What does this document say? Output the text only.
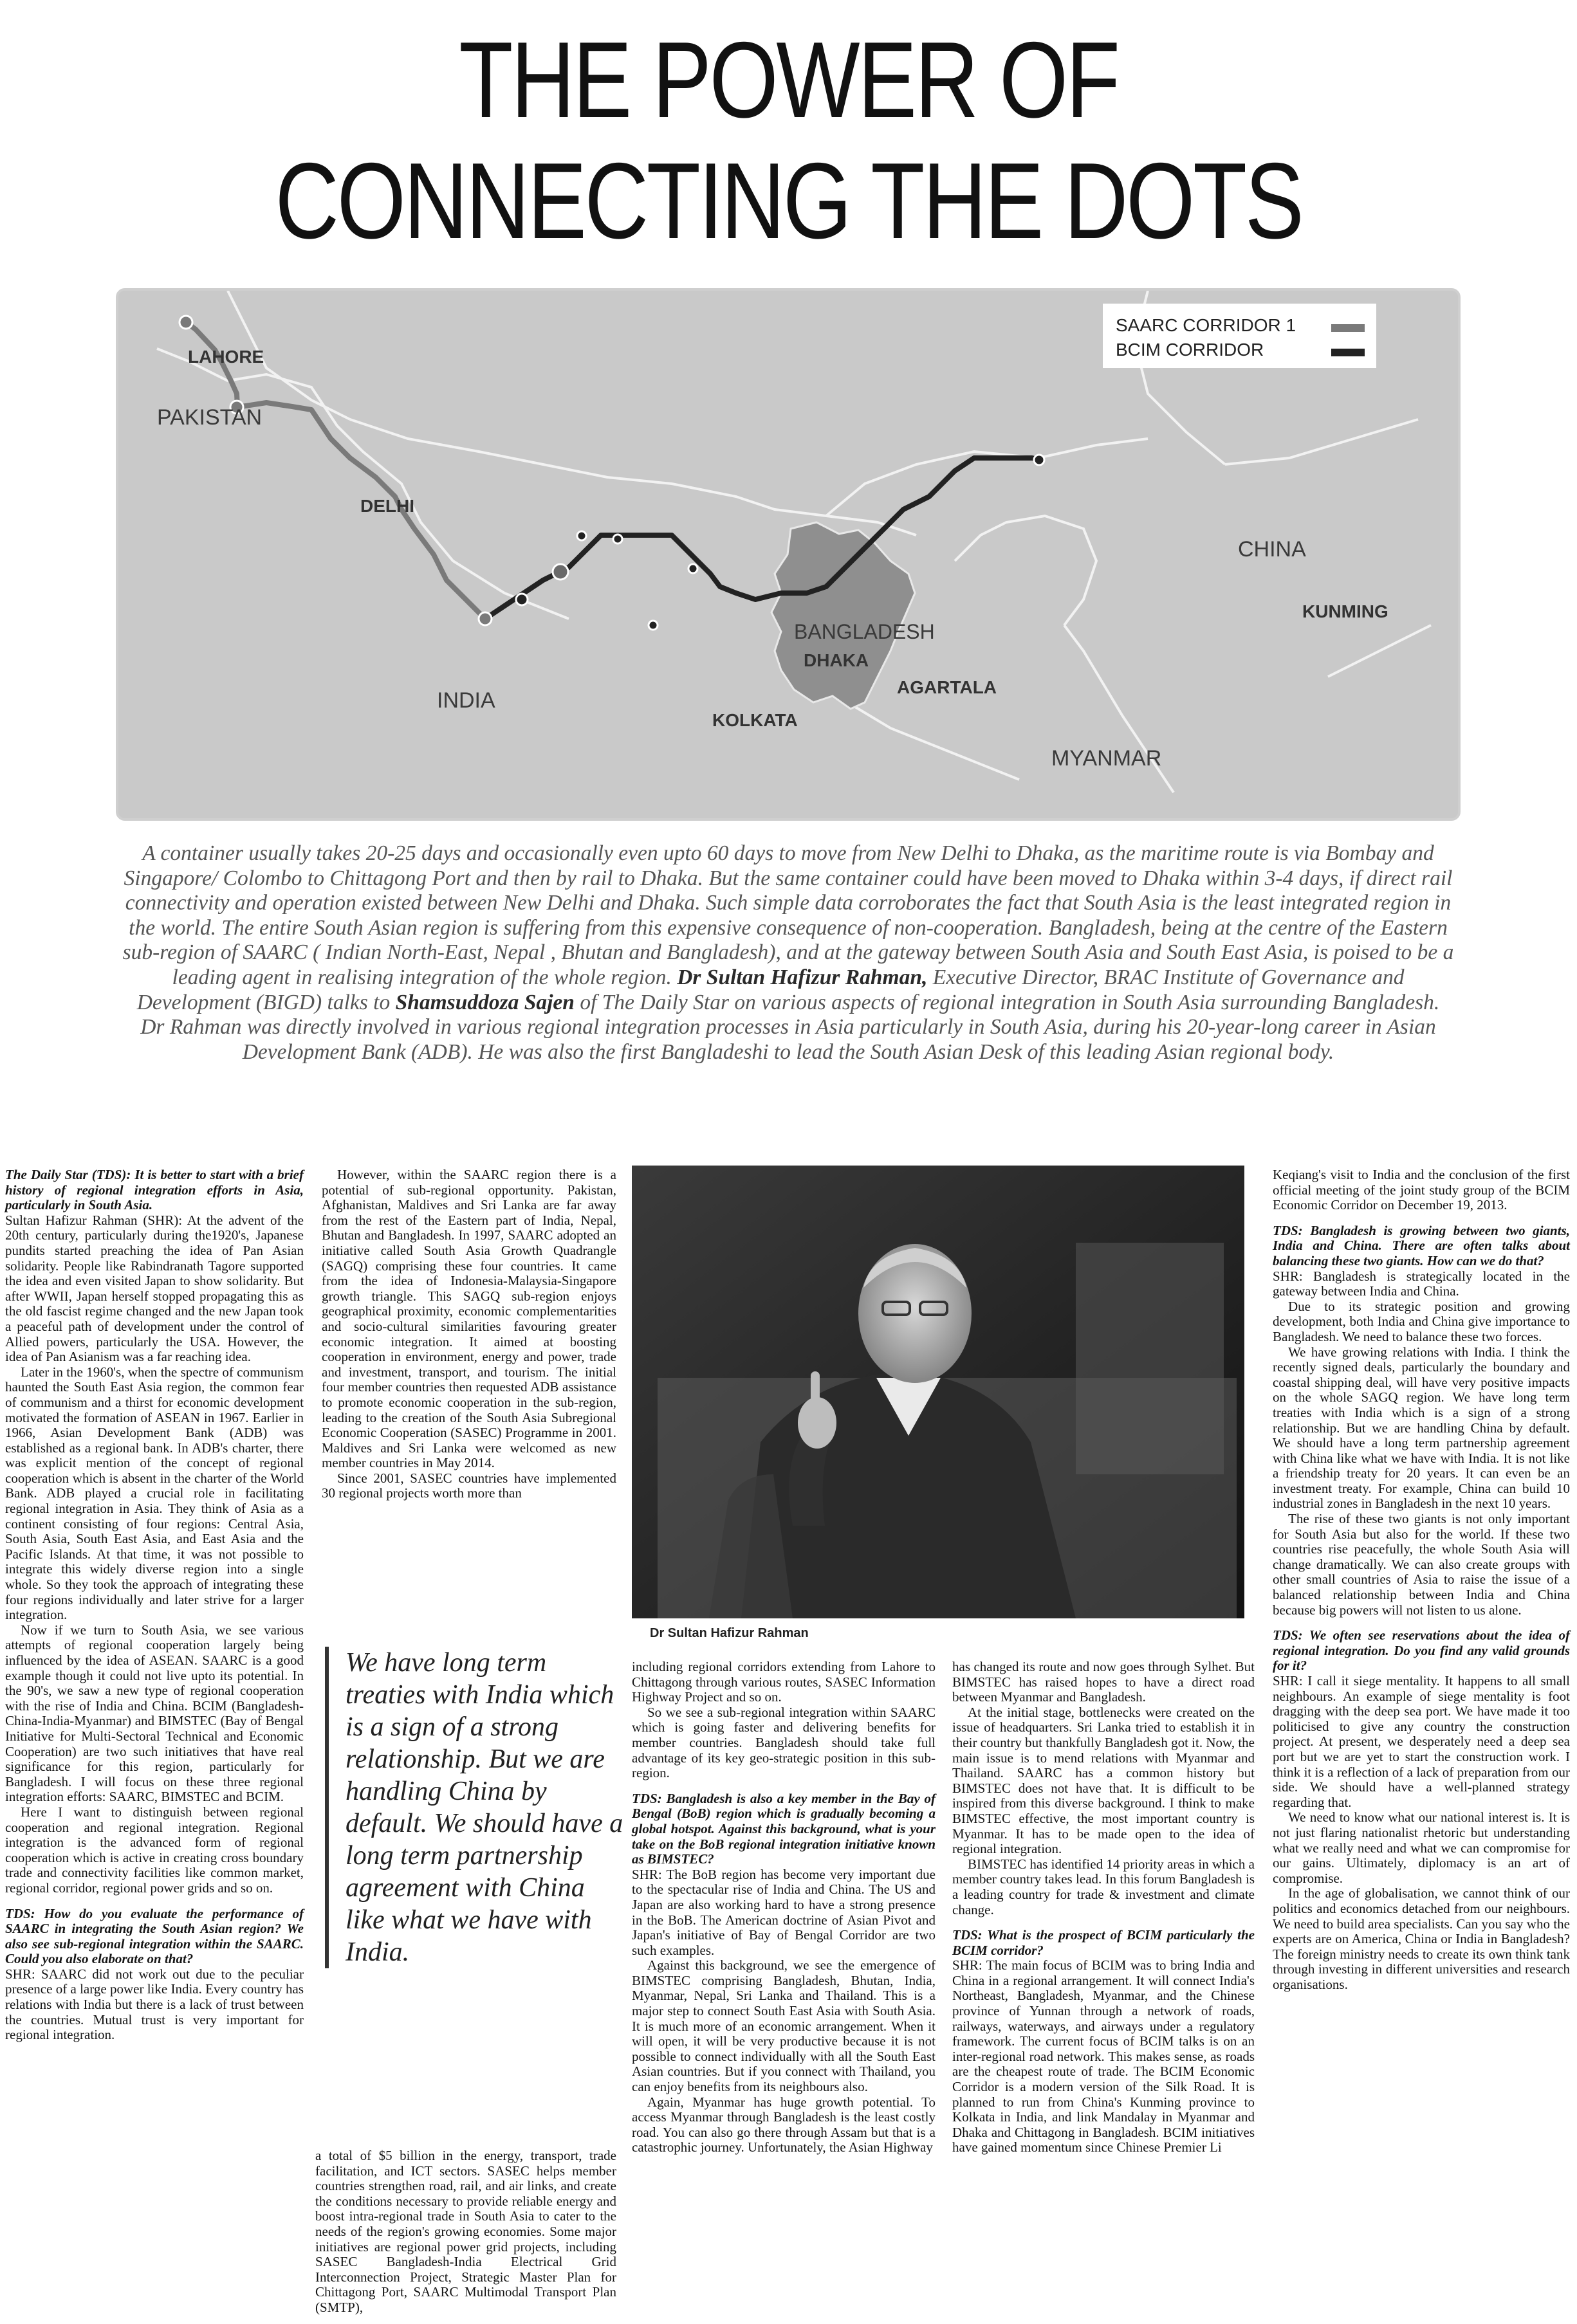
THE POWER OF
CONNECTING THE DOTS
SAARC CORRIDOR 1
BCIM CORRIDOR
PAKISTAN
INDIA
CHINA
BANGLADESH
MYANMAR
LAHORE
DELHI
KOLKATA
DHAKA
AGARTALA
KUNMING

A container usually takes 20-25 days and occasionally even upto 60 days to move from New Delhi to Dhaka, as the maritime route is via Bombay and Singapore/ Colombo to Chittagong Port and then by rail to Dhaka. But the same container could have been moved to Dhaka within 3-4 days, if direct rail connectivity and operation existed between New Delhi and Dhaka. Such simple data corroborates the fact that South Asia is the least integrated region in the world. The entire South Asian region is suffering from this expensive consequence of non-cooperation. Bangladesh, being at the centre of the Eastern sub-region of SAARC ( Indian North-East, Nepal , Bhutan and Bangladesh), and at the gateway between South Asia and South East Asia, is poised to be a leading agent in realising integration of the whole region. Dr Sultan Hafizur Rahman, Executive Director, BRAC Institute of Governance and Development (BIGD) talks to Shamsuddoza Sajen of The Daily Star on various aspects of regional integration in South Asia surrounding Bangladesh. Dr Rahman was directly involved in various regional integration processes in Asia particularly in South Asia, during his 20-year-long career in Asian Development Bank (ADB). He was also the first Bangladeshi to lead the South Asian Desk of this leading Asian regional body.

Dr Sultan Hafizur Rahman
We have long term treaties with India which is a sign of a strong relationship. But we are handling China by default. We should have a long term partnership agreement with China like what we have with India.

The Daily Star (TDS): It is better to start with a brief history of regional integration efforts in Asia, particularly in South Asia.

Sultan Hafizur Rahman (SHR): At the advent of the 20th century, particularly during the1920's, Japanese pundits started preaching the idea of Pan Asian solidarity. People like Rabindranath Tagore supported the idea and even visited Japan to show solidarity. But after WWII, Japan herself stopped propagating this as the old fascist regime changed and the new Japan took a peaceful path of development under the control of Allied powers, particularly the USA. However, the idea of Pan Asianism was a far reaching idea.

Later in the 1960's, when the spectre of communism haunted the South East Asia region, the common fear of communism and a thirst for economic development motivated the formation of ASEAN in 1967. Earlier in 1966, Asian Development Bank (ADB) was established as a regional bank. In ADB's charter, there was explicit mention of the concept of regional cooperation which is absent in the charter of the World Bank. ADB played a crucial role in facilitating regional integration in Asia. They think of Asia as a continent consisting of four regions: Central Asia, South Asia, South East Asia, and East Asia and the Pacific Islands. At that time, it was not possible to integrate this widely diverse region into a single whole. So they took the approach of integrating these four regions individually and later strive for a larger integration.

Now if we turn to South Asia, we see various attempts of regional cooperation largely being influenced by the idea of ASEAN. SAARC is a good example though it could not live upto its potential. In the 90's, we saw a new type of regional cooperation with the rise of India and China. BCIM (Bangladesh-China-India-Myanmar) and BIMSTEC (Bay of Bengal Initiative for Multi-Sectoral Technical and Economic Cooperation) are two such initiatives that have real significance for this region, particularly for Bangladesh. I will focus on these three regional integration efforts: SAARC, BIMSTEC and BCIM.

Here I want to distinguish between regional cooperation and regional integration. Regional integration is the advanced form of regional cooperation which is active in creating cross boundary trade and connectivity facilities like common market, regional corridor, regional power grids and so on.

TDS: How do you evaluate the performance of SAARC in integrating the South Asian region? We also see sub-regional integration within the SAARC. Could you also elaborate on that?

SHR: SAARC did not work out due to the peculiar presence of a large power like India. Every country has relations with India but there is a lack of trust between the countries. Mutual trust is very important for regional integration.

However, within the SAARC region there is a potential of sub-regional opportunity. Pakistan, Afghanistan, Maldives and Sri Lanka are far away from the rest of the Eastern part of India, Nepal, Bhutan and Bangladesh. In 1997, SAARC adopted an initiative called South Asia Growth Quadrangle (SAGQ) comprising these four countries. It came from the idea of Indonesia-Malaysia-Singapore growth triangle. This SAGQ sub-region enjoys geographical proximity, economic complementarities and socio-cultural similarities favouring greater economic integration. It aimed at boosting cooperation in environment, energy and power, trade and investment, transport, and tourism. The initial four member countries then requested ADB assistance to promote economic cooperation in the sub-region, leading to the creation of the South Asia Subregional Economic Cooperation (SASEC) Programme in 2001. Maldives and Sri Lanka were welcomed as new member countries in May 2014.

Since 2001, SASEC countries have implemented 30 regional projects worth more than

a total of $5 billion in the energy, transport, trade facilitation, and ICT sectors. SASEC helps member countries strengthen road, rail, and air links, and create the conditions necessary to provide reliable energy and boost intra-regional trade in South Asia to cater to the needs of the region's growing economies. Some major initiatives are regional power grid projects, including SASEC Bangladesh-India Electrical Grid Interconnection Project, Strategic Master Plan for Chittagong Port, SAARC Multimodal Transport Plan (SMTP),

including regional corridors extending from Lahore to Chittagong through various routes, SASEC Information Highway Project and so on.

So we see a sub-regional integration within SAARC which is going faster and delivering benefits for member countries. Bangladesh should take full advantage of its key geo-strategic position in this sub-region.

TDS: Bangladesh is also a key member in the Bay of Bengal (BoB) region which is gradually becoming a global hotspot. Against this background, what is your take on the BoB regional integration initiative known as BIMSTEC?

SHR: The BoB region has become very important due to the spectacular rise of India and China. The US and Japan are also working hard to have a strong presence in the BoB. The American doctrine of Asian Pivot and Japan's initiative of Bay of Bengal Corridor are two such examples.

Against this background, we see the emergence of BIMSTEC comprising Bangladesh, Bhutan, India, Myanmar, Nepal, Sri Lanka and Thailand. This is a major step to connect South East Asia with South Asia. It is much more of an economic arrangement. When it will open, it will be very productive because it is not possible to connect individually with all the South East Asian countries. But if you connect with Thailand, you can enjoy benefits from its neighbours also.

Again, Myanmar has huge growth potential. To access Myanmar through Bangladesh is the least costly road. You can also go there through Assam but that is a catastrophic journey. Unfortunately, the Asian Highway

has changed its route and now goes through Sylhet. But BIMSTEC has raised hopes to have a direct road between Myanmar and Bangladesh.

At the initial stage, bottlenecks were created on the issue of headquarters. Sri Lanka tried to establish it in their country but thankfully Bangladesh got it. Now, the main issue is to mend relations with Myanmar and Thailand. SAARC has a common history but BIMSTEC does not have that. It is difficult to be inspired from this diverse background. I think to make BIMSTEC effective, the most important country is Myanmar. It has to be made open to the idea of regional integration.

BIMSTEC has identified 14 priority areas in which a member country takes lead. In this forum Bangladesh is a leading country for trade & investment and climate change.

TDS: What is the prospect of BCIM particularly the BCIM corridor?

SHR: The main focus of BCIM was to bring India and China in a regional arrangement. It will connect India's Northeast, Bangladesh, Myanmar, and the Chinese province of Yunnan through a network of roads, railways, waterways, and airways under a regulatory framework. The current focus of BCIM talks is on an inter-regional road network. This makes sense, as roads are the cheapest route of trade. The BCIM Economic Corridor is a modern version of the Silk Road. It is planned to run from China's Kunming province to Kolkata in India, and link Mandalay in Myanmar and Dhaka and Chittagong in Bangladesh. BCIM initiatives have gained momentum since Chinese Premier Li

Keqiang's visit to India and the conclusion of the first official meeting of the joint study group of the BCIM Economic Corridor on December 19, 2013.

TDS: Bangladesh is growing between two giants, India and China. There are often talks about balancing these two giants. How can we do that?

SHR: Bangladesh is strategically located in the gateway between India and China.

Due to its strategic position and growing development, both India and China give importance to Bangladesh. We need to balance these two forces.

We have growing relations with India. I think the recently signed deals, particularly the boundary and coastal shipping deal, will have very positive impacts on the whole SAGQ region. We have long term treaties with India which is a sign of a strong relationship. But we are handling China by default. We should have a long term partnership agreement with China like what we have with India. It is not like a friendship treaty for 20 years. It can even be an investment treaty. For example, China can build 10 industrial zones in Bangladesh in the next 10 years.

The rise of these two giants is not only important for South Asia but also for the world. If these two countries rise peacefully, the whole South Asia will change dramatically. We can also create groups with other small countries of Asia to raise the issue of a balanced relationship between India and China because big powers will not listen to us alone.

TDS: We often see reservations about the idea of regional integration. Do you find any valid grounds for it?

SHR: I call it siege mentality. It happens to all small neighbours. An example of siege mentality is foot dragging with the deep sea port. We have made it too politicised to give any country the construction project. At present, we desperately need a deep sea port but we are yet to start the construction work. I think it is a reflection of a lack of preparation from our side. We should have a well-planned strategy regarding that.

We need to know what our national interest is. It is not just flaring nationalist rhetoric but understanding what we really need and what we can compromise for our gains. Ultimately, diplomacy is an art of compromise.

In the age of globalisation, we cannot think of our politics and economics detached from our neighbours. We need to build area specialists. Can you say who the experts are on America, China or India in Bangladesh? The foreign ministry needs to create its own think tank through investing in different universities and research organisations.
